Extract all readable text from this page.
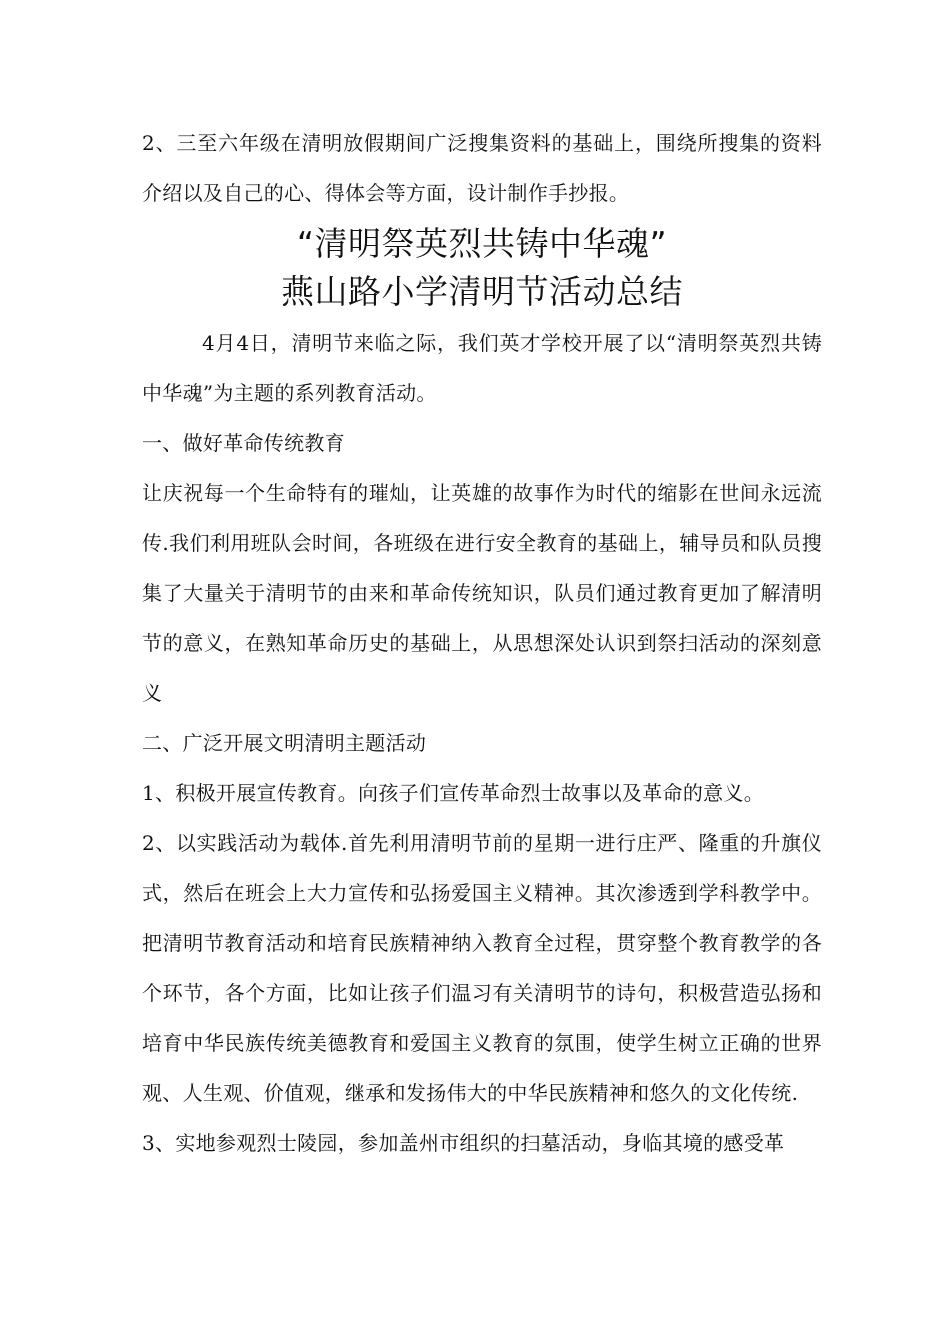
2、三至六年级在清明放假期间广泛搜集资料的基础上，围绕所搜集的资料介绍以及自己的心、得体会等方面，设计制作手抄报。

“清明祭英烈共铸中华魂”

燕山路小学清明节活动总结

4月4日，清明节来临之际，我们英才学校开展了以“清明祭英烈共铸中华魂”为主题的系列教育活动。

一、做好革命传统教育

让庆祝每一个生命特有的璀灿，让英雄的故事作为时代的缩影在世间永远流传.我们利用班队会时间，各班级在进行安全教育的基础上，辅导员和队员搜集了大量关于清明节的由来和革命传统知识，队员们通过教育更加了解清明节的意义，在熟知革命历史的基础上，从思想深处认识到祭扫活动的深刻意义

二、广泛开展文明清明主题活动

1、积极开展宣传教育。向孩子们宣传革命烈士故事以及革命的意义。

2、以实践活动为载体.首先利用清明节前的星期一进行庄严、隆重的升旗仪式，然后在班会上大力宣传和弘扬爱国主义精神。其次渗透到学科教学中。把清明节教育活动和培育民族精神纳入教育全过程，贯穿整个教育教学的各个环节，各个方面，比如让孩子们温习有关清明节的诗句，积极营造弘扬和培育中华民族传统美德教育和爱国主义教育的氛围，使学生树立正确的世界观、人生观、价值观，继承和发扬伟大的中华民族精神和悠久的文化传统.

3、实地参观烈士陵园，参加盖州市组织的扫墓活动，身临其境的感受革
